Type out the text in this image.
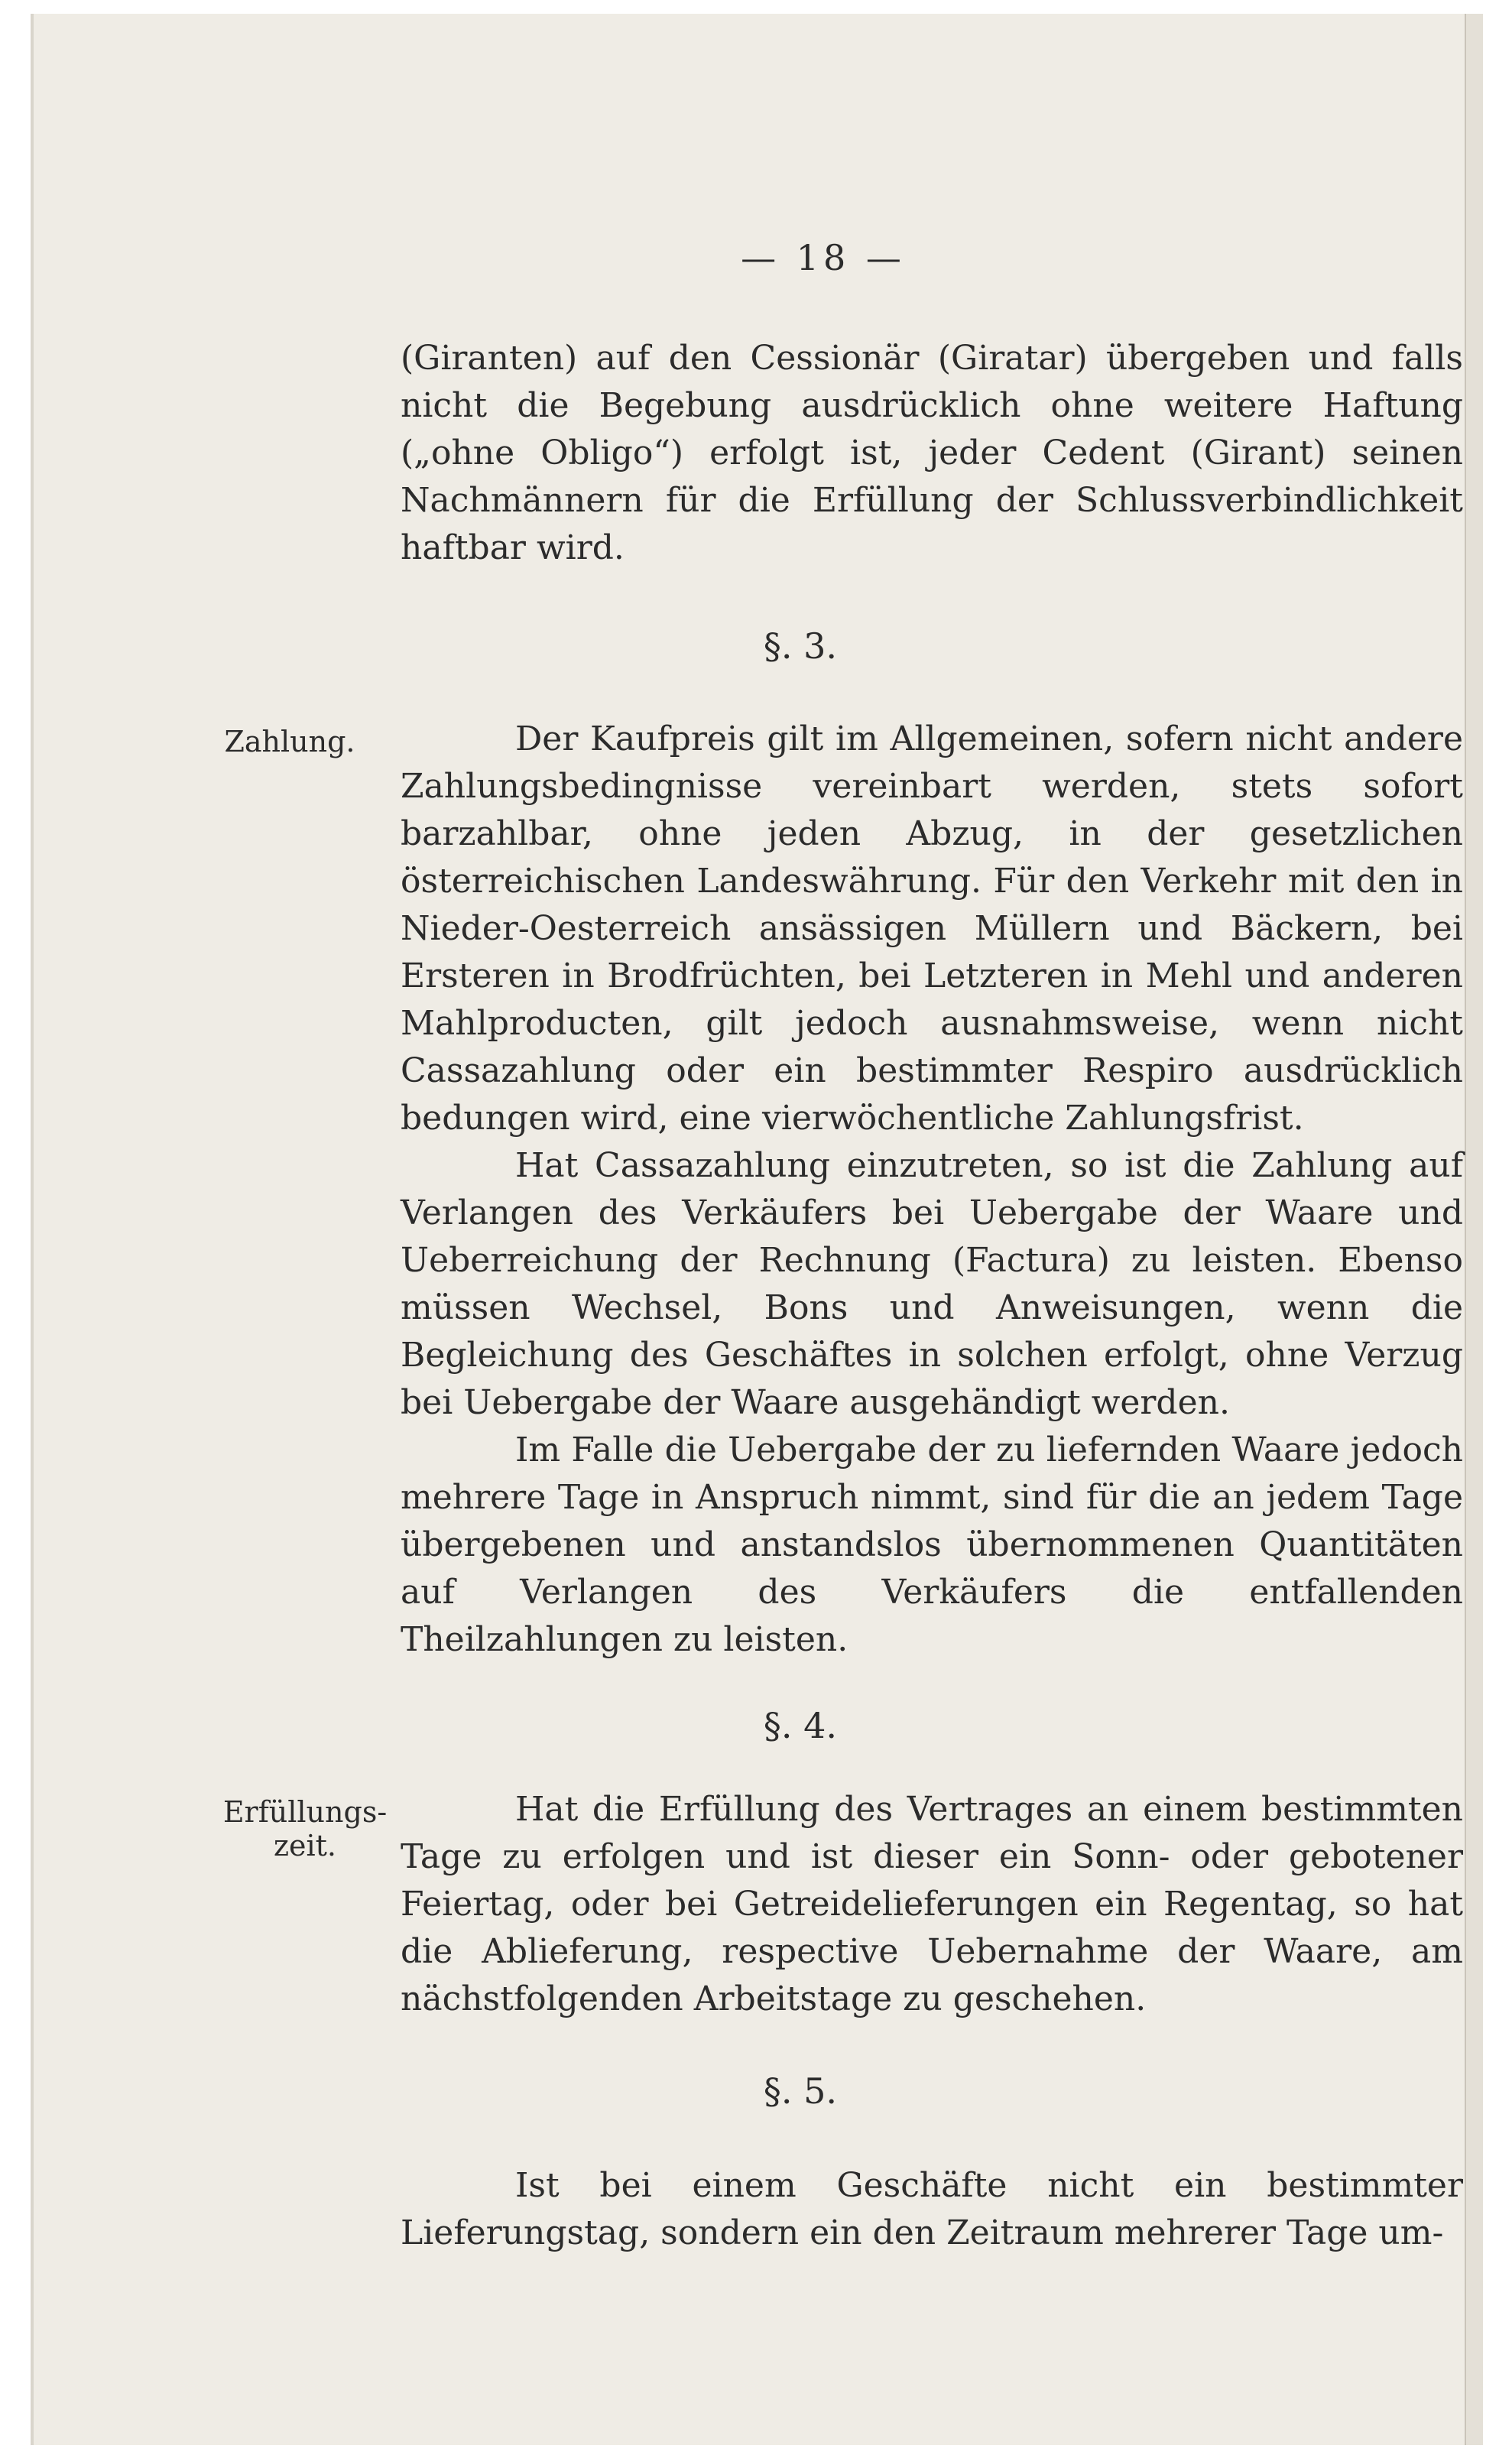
— 18 —

(Giranten) auf den Cessionär (Giratar) übergeben und falls nicht die Begebung ausdrücklich ohne weitere Haftung („ohne Obligo“) erfolgt ist, jeder Cedent (Girant) seinen Nachmännern für die Erfüllung der Schlussverbindlichkeit haftbar wird.

§. 3.
Zahlung.	Der Kaufpreis gilt im Allgemeinen, sofern nicht andere Zahlungsbedingnisse vereinbart werden, stets sofort barzahlbar, ohne jeden Abzug, in der gesetzlichen österreichischen Landeswährung. Für den Verkehr mit den in Nieder-Oesterreich ansässigen Müllern und Bäckern, bei Ersteren in Brodfrüchten, bei Letzteren in Mehl und anderen Mahlproducten, gilt jedoch ausnahmsweise, wenn nicht Cassazahlung oder ein bestimmter Respiro ausdrücklich bedungen wird, eine vierwöchentliche Zahlungsfrist.

Hat Cassazahlung einzutreten, so ist die Zahlung auf Verlangen des Verkäufers bei Uebergabe der Waare und Ueberreichung der Rechnung (Factura) zu leisten. Ebenso müssen Wechsel, Bons und Anweisungen, wenn die Begleichung des Geschäftes in solchen erfolgt, ohne Verzug bei Uebergabe der Waare ausgehändigt werden.

Im Falle die Uebergabe der zu liefernden Waare jedoch mehrere Tage in Anspruch nimmt, sind für die an jedem Tage übergebenen und anstandslos übernommenen Quantitäten auf Verlangen des Verkäufers die entfallenden Theilzahlungen zu leisten.

§. 4.
Erfüllungs-
zeit.

Hat die Erfüllung des Vertrages an einem bestimmten Tage zu erfolgen und ist dieser ein Sonn- oder gebotener Feiertag, oder bei Getreidelieferungen ein Regentag, so hat die Ablieferung, respective Uebernahme der Waare, am nächstfolgenden Arbeitstage zu geschehen.

§. 5.

Ist bei einem Geschäfte nicht ein bestimmter Lieferungstag, sondern ein den Zeitraum mehrerer Tage um-
